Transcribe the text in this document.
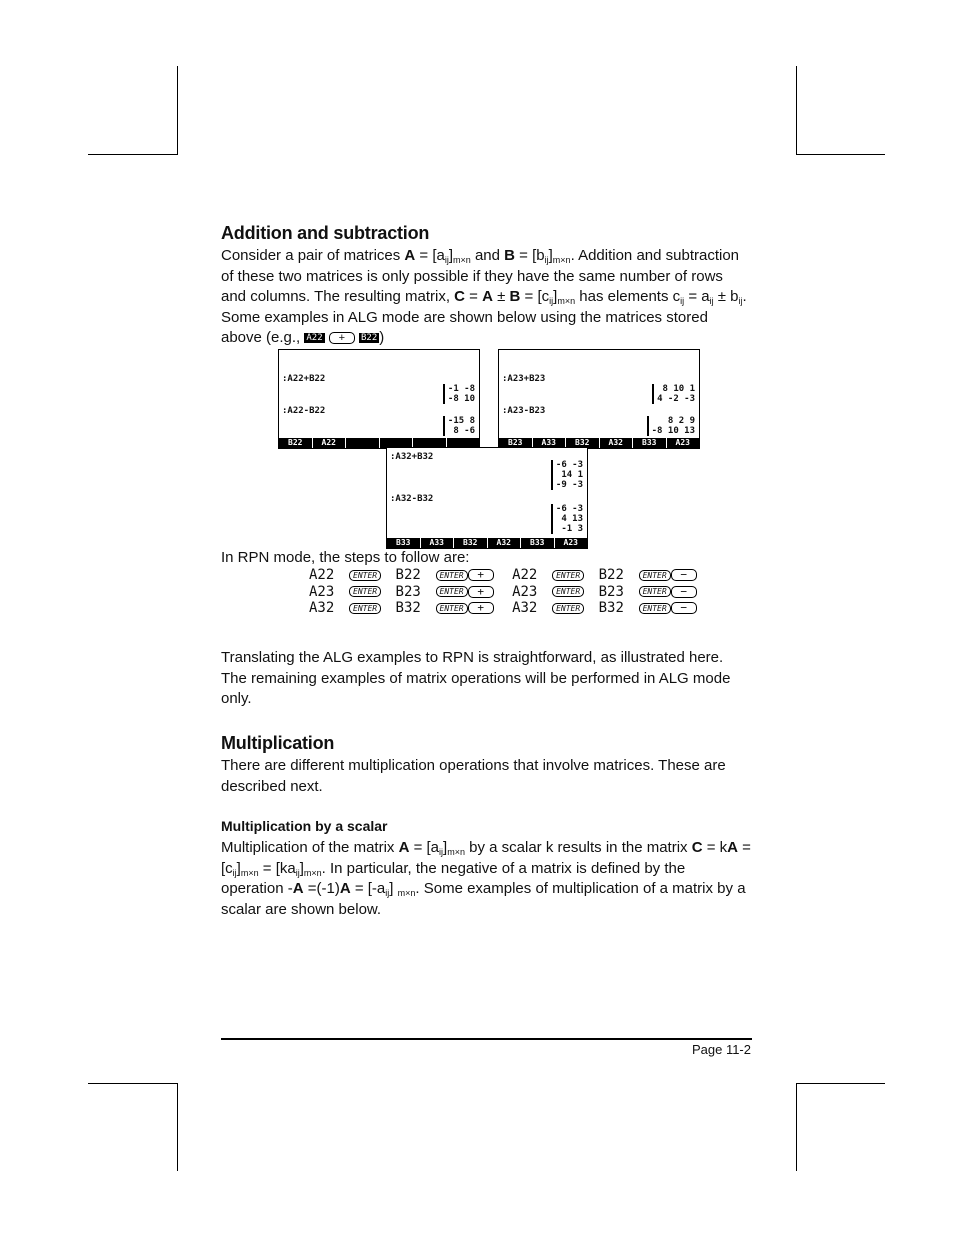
Addition and subtraction

Consider a pair of matrices $A = [a_{ij}]_{m\times n}$ and $B = [b_{ij}]_{m\times n}$. Addition and subtraction of these two matrices is only possible if they have the same number of rows and columns. The resulting matrix, $C = A \pm B = [c_{ij}]_{m\times n}$ has elements $c_{ij} = a_{ij} \pm b_{ij}$. Some examples in ALG mode are shown below using the matrices stored above (e.g., A22 + B22 )

:A22+B22
-1 -8
-8 10
:A22-B22
-15 8
8 -6
B22	A22
:A23+B23
8 10 1
4 -2 -3
:A23-B23
8 2 9
-8 10 13
B23	A33	B32	A32	B33	A23
:A32+B32
-6 -3
14 1
-9 -3
:A32-B32
-6 -3
4 13
-1 3
B33	A33	B32	A32	B33	A23

In RPN mode, the steps to follow are:

A22 ENTER B22 ENTER + A22 ENTER B22 ENTER −
A23 ENTER B23 ENTER + A23 ENTER B23 ENTER −
A32 ENTER B32 ENTER + A32 ENTER B32 ENTER −

Translating the ALG examples to RPN is straightforward, as illustrated here. The remaining examples of matrix operations will be performed in ALG mode only.

Multiplication

There are different multiplication operations that involve matrices. These are described next.

Multiplication by a scalar

Multiplication of the matrix $A = [a_{ij}]_{m\times n}$ by a scalar k results in the matrix C = kA = $[c_{ij}]_{m\times n} = [ka_{ij}]_{m\times n}$. In particular, the negative of a matrix is defined by the operation $-A =(-1)A = [-a_{ij}]$ $_{m\times n}$. Some examples of multiplication of a matrix by a scalar are shown below.

Page 11-2
